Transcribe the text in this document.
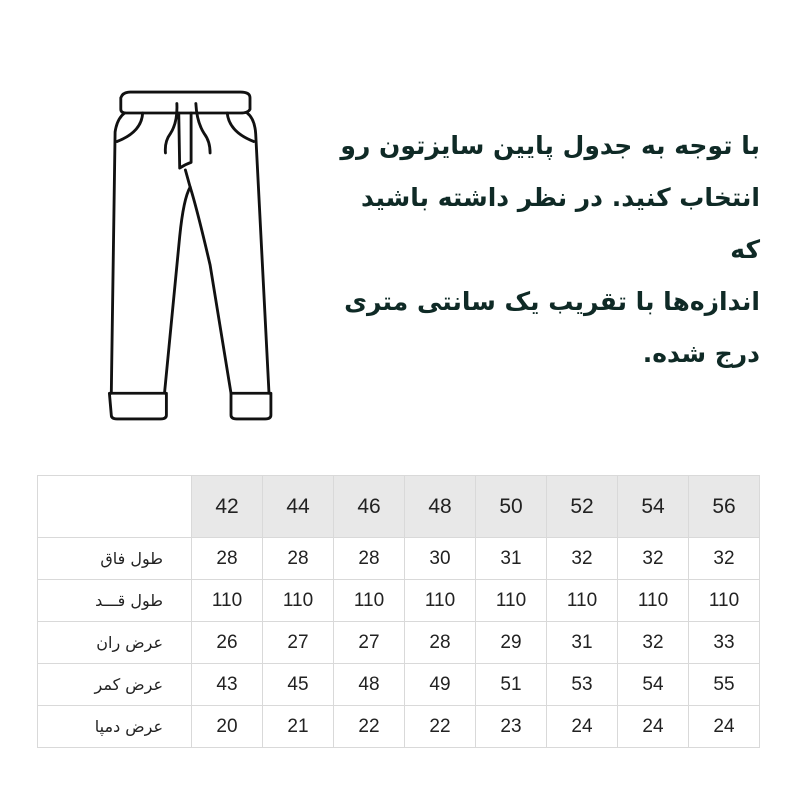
با توجه به جدول پایین سایزتون رو

انتخاب کنید. در نظر داشته باشید که

اندازه‌ها با تقریب یک سانتی متری

درج شده.

	42	44	46	48	50	52	54	56
طول فاق	28	28	28	30	31	32	32	32
طول قـــد	110	110	110	110	110	110	110	110
عرض ران	26	27	27	28	29	31	32	33
عرض کمر	43	45	48	49	51	53	54	55
عرض دمپا	20	21	22	22	23	24	24	24
